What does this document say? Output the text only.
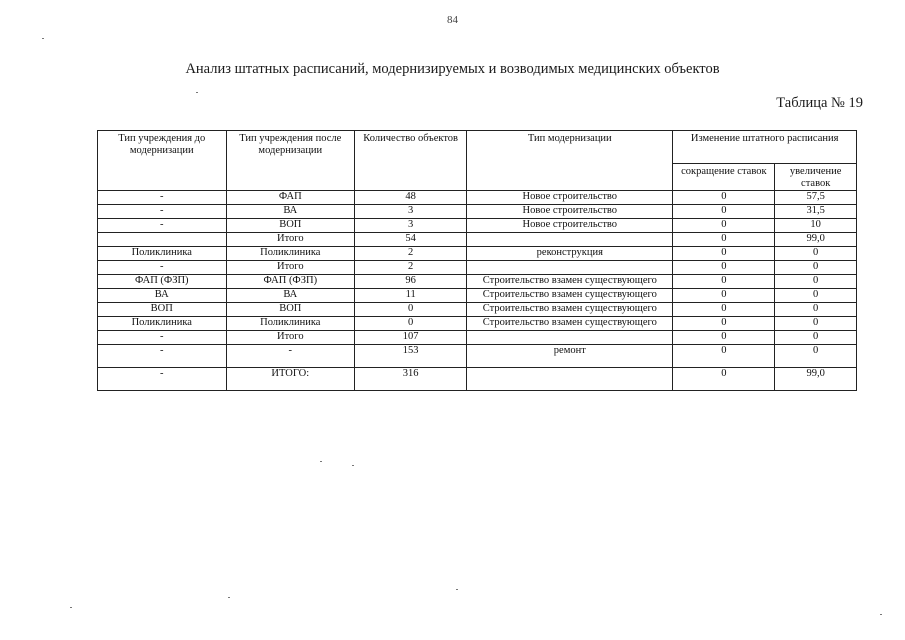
84
Анализ штатных расписаний, модернизируемых и возводимых медицинских объектов
Таблица № 19
Тип учреждения до модернизации	Тип учреждения после модернизации	Количество объектов	Тип модернизации	Изменение штатного расписания	
				сокращение ставок	увеличение ставок
-	ФАП	48	Новое строительство	0	57,5
-	ВА	3	Новое строительство	0	31,5
-	ВОП	3	Новое строительство	0	10
	Итого	54		0	99,0
Поликлиника	Поликлиника	2	реконструкция	0	0
-	Итого	2		0	0
ФАП (ФЗП)	ФАП (ФЗП)	96	Строительство взамен существующего	0	0
ВА	ВА	11	Строительство взамен существующего	0	0
ВОП	ВОП	0	Строительство взамен существующего	0	0
Поликлиника	Поликлиника	0	Строительство взамен существующего	0	0
-	Итого	107		0	0
-	-	153	ремонт	0	0
-	ИТОГО:	316		0	99,0
